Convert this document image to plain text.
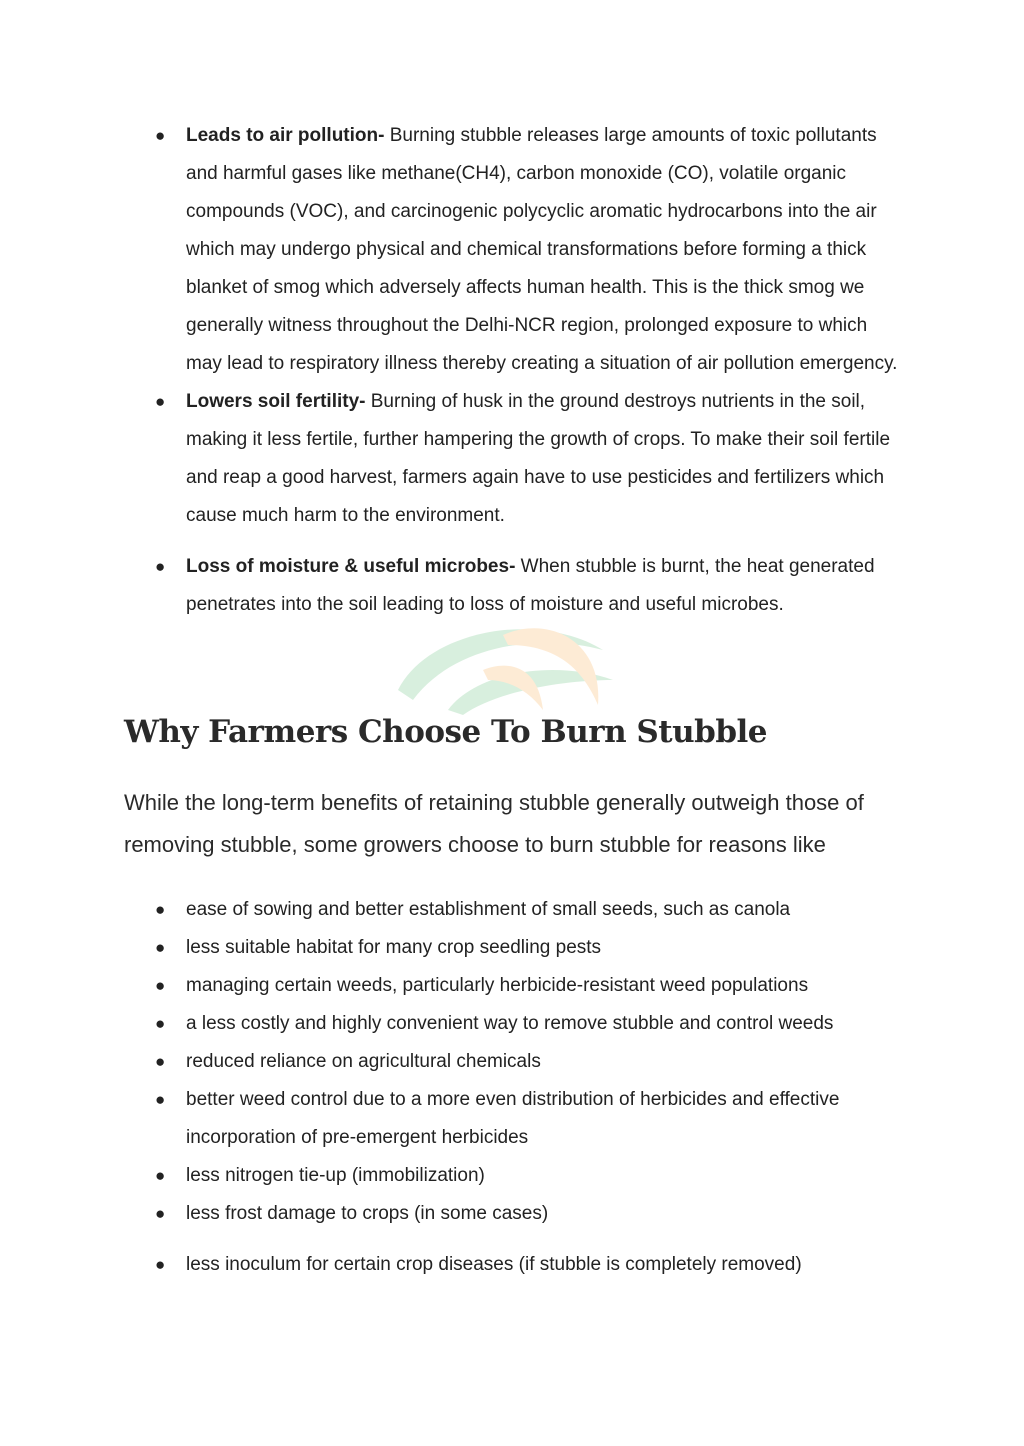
● Leads to air pollution- Burning stubble releases large amounts of toxic pollutants and harmful gases like methane(CH4), carbon monoxide (CO), volatile organic compounds (VOC), and carcinogenic polycyclic aromatic hydrocarbons into the air which may undergo physical and chemical transformations before forming a thick blanket of smog which adversely affects human health. This is the thick smog we generally witness throughout the Delhi-NCR region, prolonged exposure to which may lead to respiratory illness thereby creating a situation of air pollution emergency.
● Lowers soil fertility- Burning of husk in the ground destroys nutrients in the soil, making it less fertile, further hampering the growth of crops. To make their soil fertile and reap a good harvest, farmers again have to use pesticides and fertilizers which cause much harm to the environment.
● Loss of moisture & useful microbes- When stubble is burnt, the heat generated penetrates into the soil leading to loss of moisture and useful microbes.
Why Farmers Choose To Burn Stubble

While the long-term benefits of retaining stubble generally outweigh those of removing stubble, some growers choose to burn stubble for reasons like

● ease of sowing and better establishment of small seeds, such as canola
● less suitable habitat for many crop seedling pests
● managing certain weeds, particularly herbicide-resistant weed populations
● a less costly and highly convenient way to remove stubble and control weeds
● reduced reliance on agricultural chemicals
● better weed control due to a more even distribution of herbicides and effective incorporation of pre-emergent herbicides
● less nitrogen tie-up (immobilization)
● less frost damage to crops (in some cases)
● less inoculum for certain crop diseases (if stubble is completely removed)
